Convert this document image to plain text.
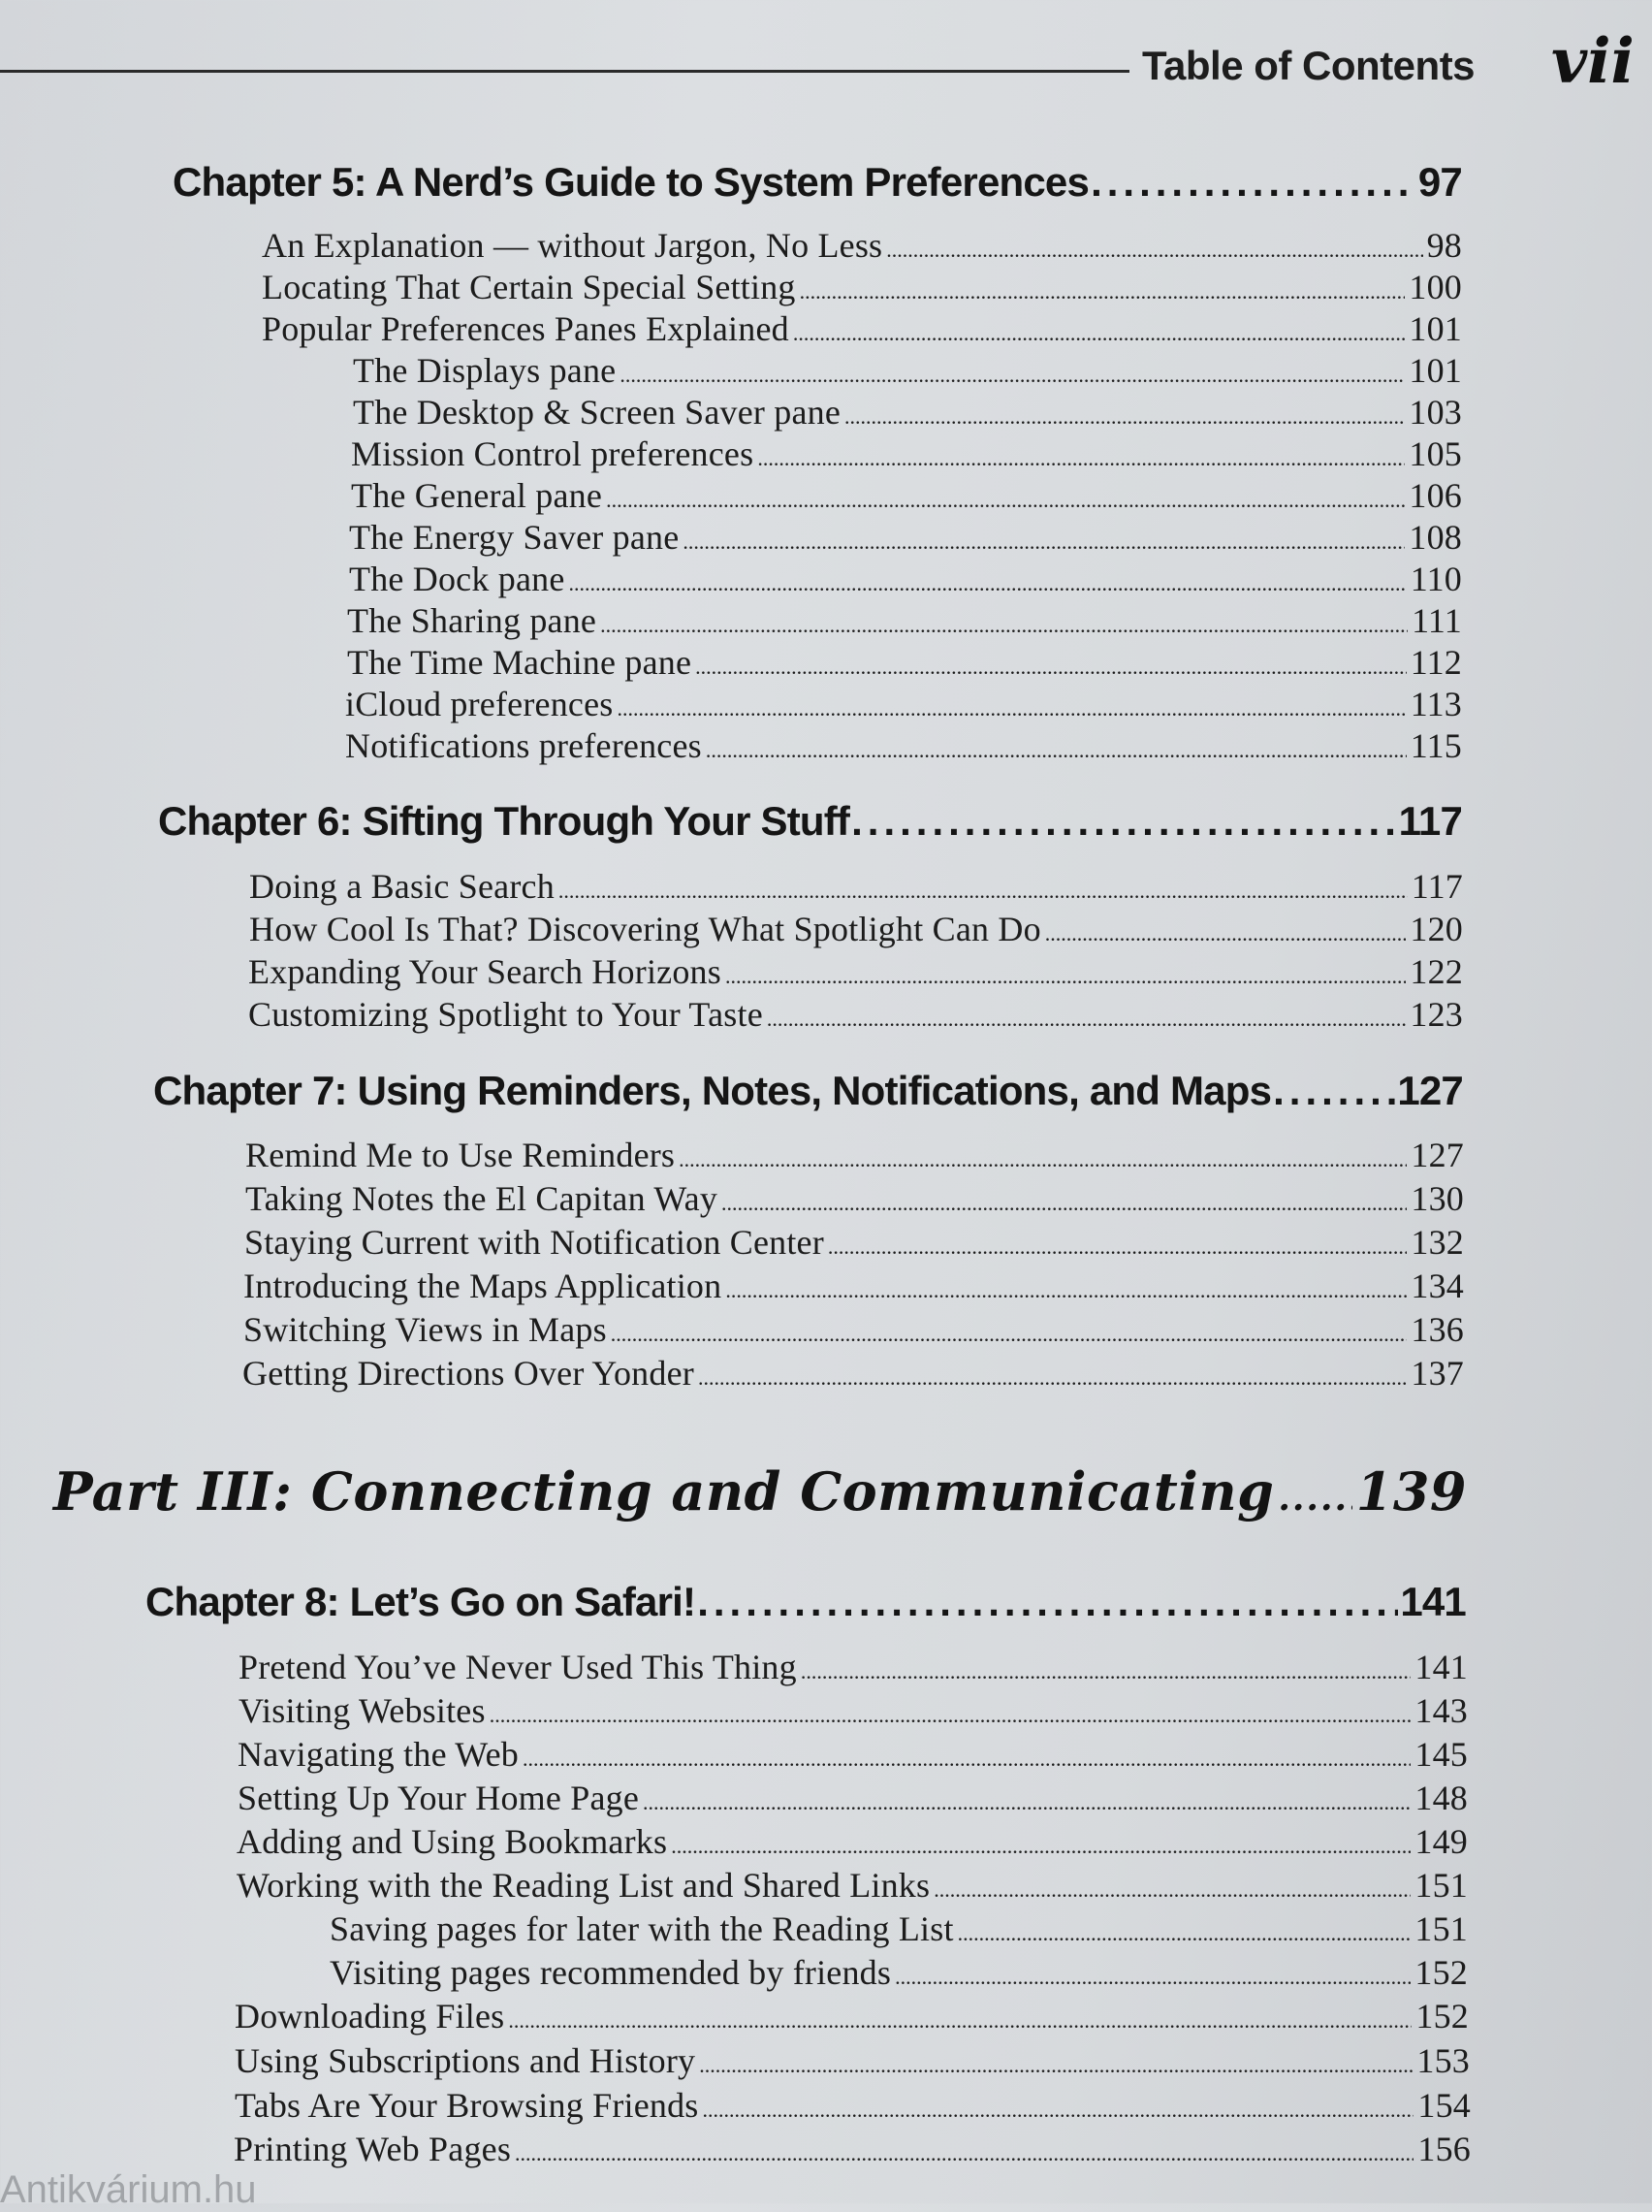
Table of Contents vii
Chapter 5: A Nerd’s Guide to System Preferences .....	97
An Explanation — without Jargon, No Less .....	98
Locating That Certain Special Setting .....	100
Popular Preferences Panes Explained .....	101
The Displays pane .....	101
The Desktop & Screen Saver pane .....	103
Mission Control preferences .....	105
The General pane .....	106
The Energy Saver pane .....	108
The Dock pane .....	110
The Sharing pane .....	111
The Time Machine pane .....	112
iCloud preferences .....	113
Notifications preferences .....	115
Chapter 6: Sifting Through Your Stuff .....	117
Doing a Basic Search .....	117
How Cool Is That? Discovering What Spotlight Can Do .....	120
Expanding Your Search Horizons .....	122
Customizing Spotlight to Your Taste .....	123
Chapter 7: Using Reminders, Notes, Notifications, and Maps .....	127
Remind Me to Use Reminders .....	127
Taking Notes the El Capitan Way .....	130
Staying Current with Notification Center .....	132
Introducing the Maps Application .....	134
Switching Views in Maps .....	136
Getting Directions Over Yonder .....	137
Part III: Connecting and Communicating ..... 139
Chapter 8: Let’s Go on Safari! .....	141
Pretend You’ve Never Used This Thing .....	141
Visiting Websites .....	143
Navigating the Web .....	145
Setting Up Your Home Page .....	148
Adding and Using Bookmarks .....	149
Working with the Reading List and Shared Links .....	151
Saving pages for later with the Reading List .....	151
Visiting pages recommended by friends .....	152
Downloading Files .....	152
Using Subscriptions and History .....	153
Tabs Are Your Browsing Friends .....	154
Printing Web Pages .....	156
Antikvárium.hu
